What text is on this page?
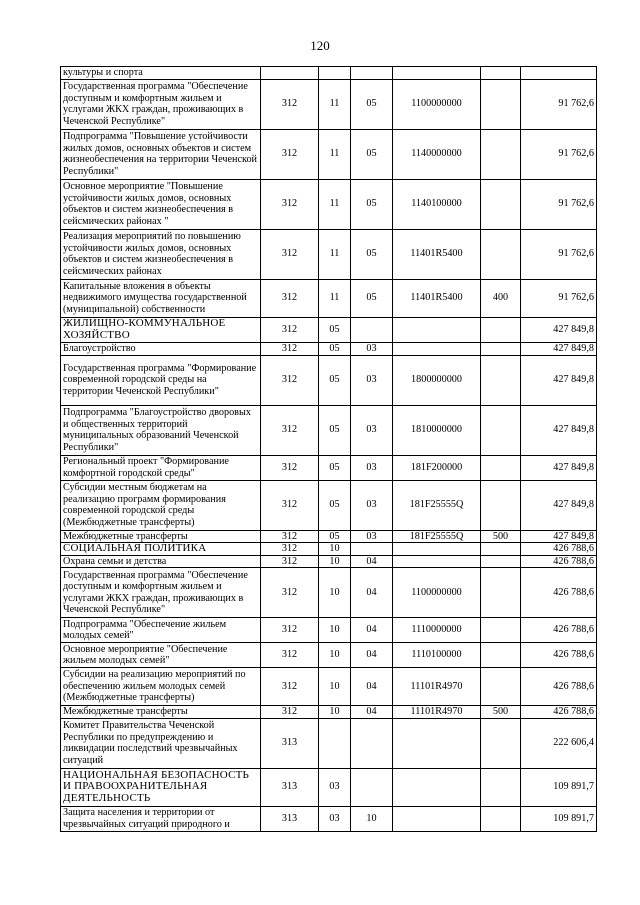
120
культуры и спорта						
Государственная программа "Обеспечение доступным и комфортным жильем и услугами ЖКХ граждан, проживающих в Чеченской Республике"	312	11	05	1100000000		91 762,6
Подпрограмма "Повышение устойчивости жилых домов, основных объектов и систем жизнеобеспечения на территории Чеченской Республики"	312	11	05	1140000000		91 762,6
Основное мероприятие "Повышение устойчивости жилых домов, основных объектов и систем жизнеобеспечения в сейсмических районах "	312	11	05	1140100000		91 762,6
Реализация мероприятий по повышению устойчивости жилых домов, основных объектов и систем жизнеобеспечения в сейсмических районах	312	11	05	11401R5400		91 762,6
Капитальные вложения в объекты недвижимого имущества государственной (муниципальной) собственности	312	11	05	11401R5400	400	91 762,6
ЖИЛИЩНО-КОММУНАЛЬНОЕ ХОЗЯЙСТВО	312	05				427 849,8
Благоустройство	312	05	03			427 849,8
Государственная программа "Формирование современной городской среды на территории Чеченской Республики"	312	05	03	1800000000		427 849,8
Подпрограмма "Благоустройство дворовых и общественных территорий муниципальных образований Чеченской Республики"	312	05	03	1810000000		427 849,8
Региональный проект "Формирование комфортной городской среды"	312	05	03	181F200000		427 849,8
Субсидии местным бюджетам на реализацию программ формирования современной городской среды (Межбюджетные трансферты)	312	05	03	181F25555Q		427 849,8
Межбюджетные трансферты	312	05	03	181F25555Q	500	427 849,8
СОЦИАЛЬНАЯ ПОЛИТИКА	312	10				426 788,6
Охрана семьи и детства	312	10	04			426 788,6
Государственная программа "Обеспечение доступным и комфортным жильем и услугами ЖКХ граждан, проживающих в Чеченской Республике"	312	10	04	1100000000		426 788,6
Подпрограмма "Обеспечение жильем молодых семей"	312	10	04	1110000000		426 788,6
Основное мероприятие "Обеспечение жильем молодых семей"	312	10	04	1110100000		426 788,6
Субсидии на реализацию мероприятий по обеспечению жильем молодых семей (Межбюджетные трансферты)	312	10	04	11101R4970		426 788,6
Межбюджетные трансферты	312	10	04	11101R4970	500	426 788,6
Комитет Правительства Чеченской Республики по предупреждению и ликвидации последствий чрезвычайных ситуаций	313					222 606,4
НАЦИОНАЛЬНАЯ БЕЗОПАСНОСТЬ И ПРАВООХРАНИТЕЛЬНАЯ ДЕЯТЕЛЬНОСТЬ	313	03				109 891,7
Защита населения и территории от чрезвычайных ситуаций природного и	313	03	10			109 891,7
